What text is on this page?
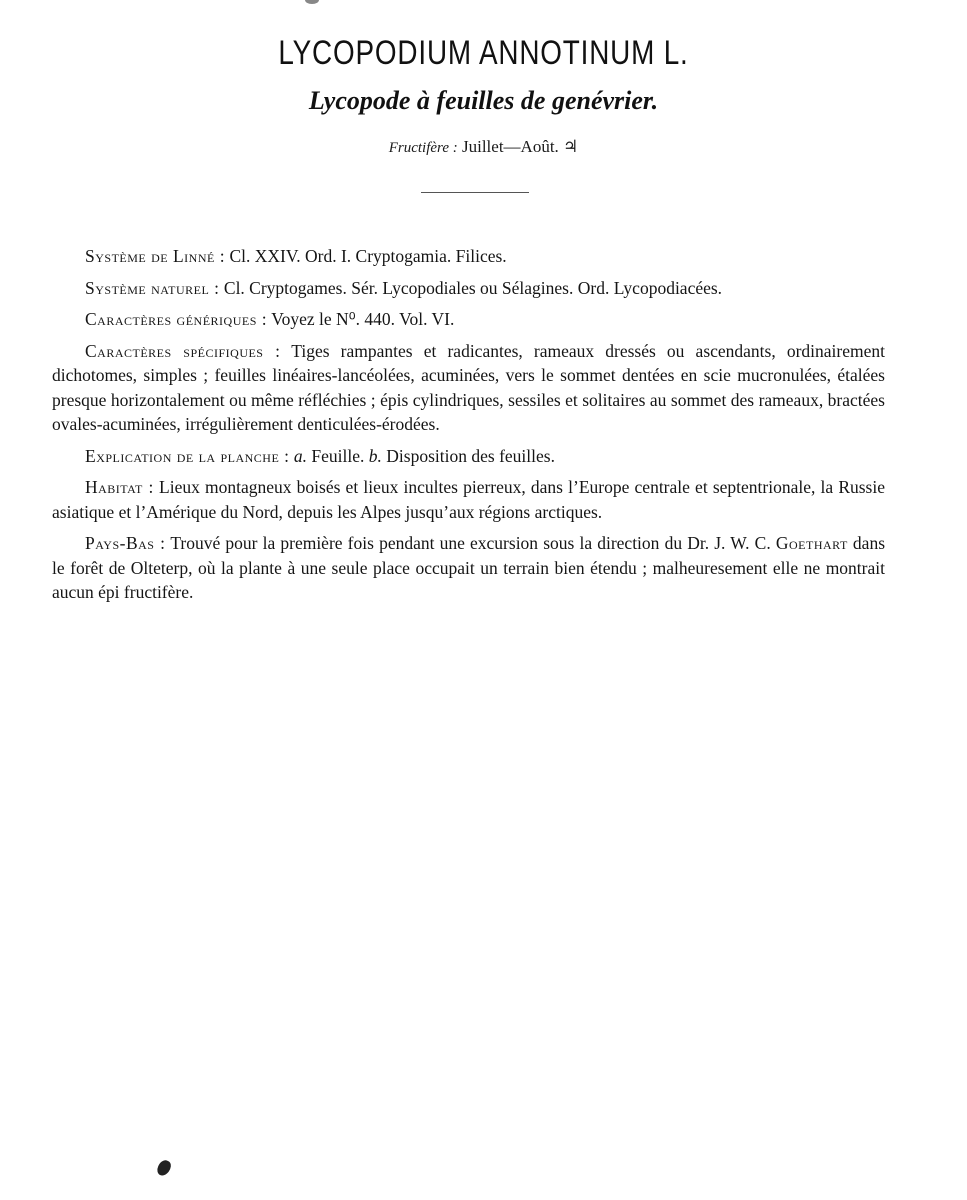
LYCOPODIUM ANNOTINUM L.
Lycopode à feuilles de genévrier.
Fructifère : Juillet—Août. ♃

Système de Linné : Cl. XXIV. Ord. I. Cryptogamia. Filices.

Système naturel : Cl. Cryptogames. Sér. Lycopodiales ou Sélagines. Ord. Lycopodiacées.

Caractères génériques : Voyez le N⁰. 440. Vol. VI.

Caractères spécifiques : Tiges rampantes et radicantes, rameaux dressés ou ascendants, ordinairement dichotomes, simples ; feuilles linéaires-lancéolées, acuminées, vers le sommet dentées en scie mucronulées, étalées presque horizontalement ou même réfléchies ; épis cylindriques, sessiles et solitaires au sommet des rameaux, bractées ovales-acuminées, irrégulièrement denticulées-érodées.

Explication de la planche : a. Feuille. b. Disposition des feuilles.

Habitat : Lieux montagneux boisés et lieux incultes pierreux, dans l’Europe centrale et septentrionale, la Russie asiatique et l’Amérique du Nord, depuis les Alpes jusqu’aux régions arctiques.

Pays-Bas : Trouvé pour la première fois pendant une excursion sous la direction du Dr. J. W. C. Goethart dans le forêt de Olteterp, où la plante à une seule place occupait un terrain bien étendu ; malheuresement elle ne montrait aucun épi fructifère.
